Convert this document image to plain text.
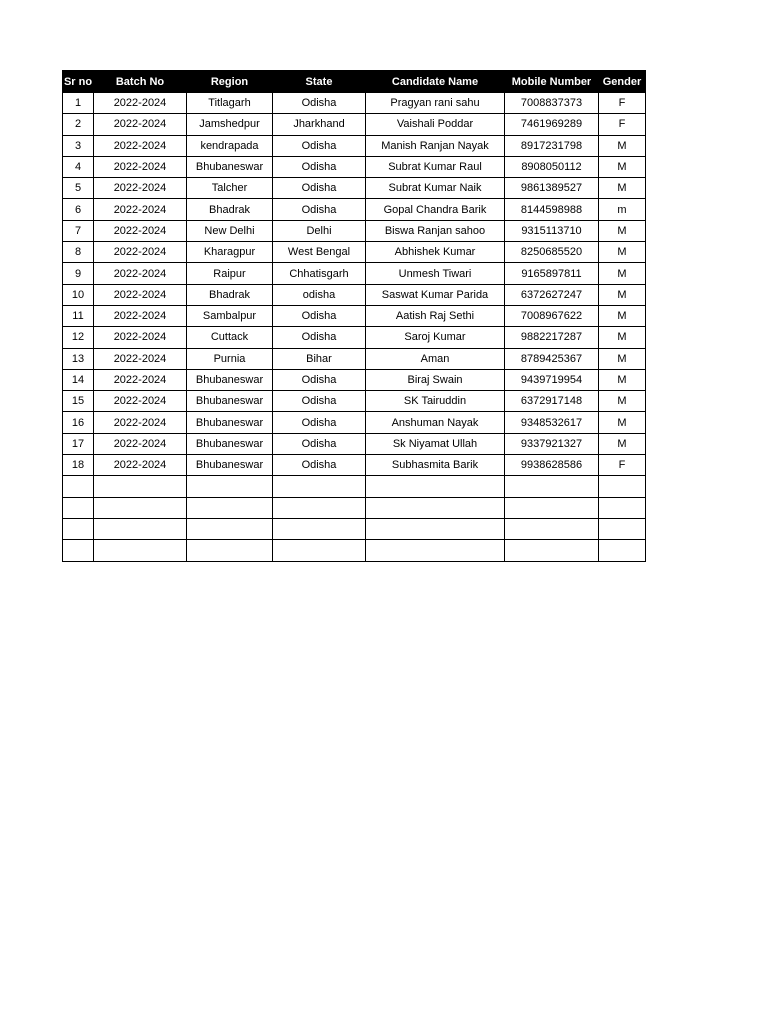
Sr no	Batch No	Region	State	Candidate Name	Mobile Number	Gender
1	2022-2024	Titlagarh	Odisha	Pragyan rani sahu	7008837373	F
2	2022-2024	Jamshedpur	Jharkhand	Vaishali Poddar	7461969289	F
3	2022-2024	kendrapada	Odisha	Manish Ranjan Nayak	8917231798	M
4	2022-2024	Bhubaneswar	Odisha	Subrat Kumar Raul	8908050112	M
5	2022-2024	Talcher	Odisha	Subrat Kumar Naik	9861389527	M
6	2022-2024	Bhadrak	Odisha	Gopal Chandra Barik	8144598988	m
7	2022-2024	New Delhi	Delhi	Biswa Ranjan sahoo	9315113710	M
8	2022-2024	Kharagpur	West Bengal	Abhishek Kumar	8250685520	M
9	2022-2024	Raipur	Chhatisgarh	Unmesh Tiwari	9165897811	M
10	2022-2024	Bhadrak	odisha	Saswat Kumar Parida	6372627247	M
11	2022-2024	Sambalpur	Odisha	Aatish Raj Sethi	7008967622	M
12	2022-2024	Cuttack	Odisha	Saroj Kumar	9882217287	M
13	2022-2024	Purnia	Bihar	Aman	8789425367	M
14	2022-2024	Bhubaneswar	Odisha	Biraj Swain	9439719954	M
15	2022-2024	Bhubaneswar	Odisha	SK Tairuddin	6372917148	M
16	2022-2024	Bhubaneswar	Odisha	Anshuman Nayak	9348532617	M
17	2022-2024	Bhubaneswar	Odisha	Sk Niyamat Ullah	9337921327	M
18	2022-2024	Bhubaneswar	Odisha	Subhasmita Barik	9938628586	F
